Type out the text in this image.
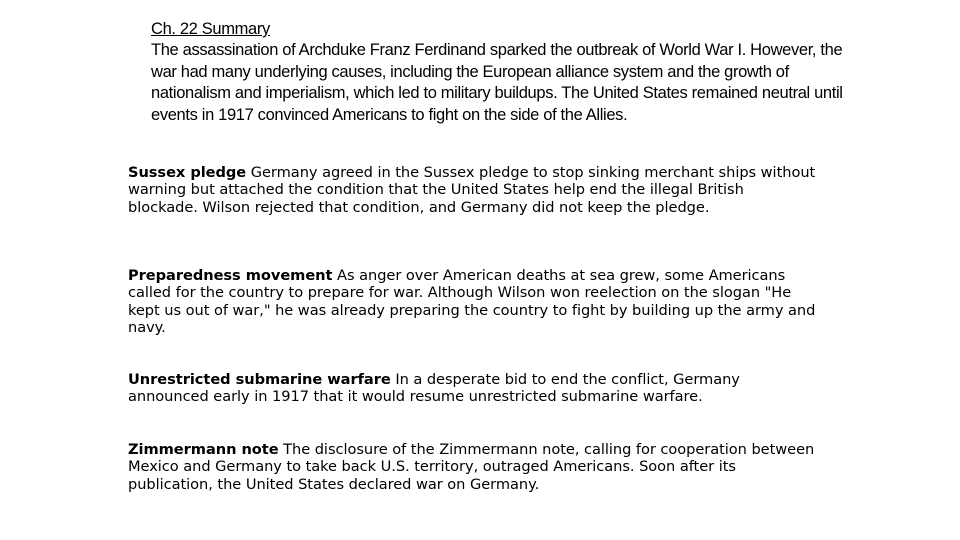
Ch. 22 Summary

The assassination of Archduke Franz Ferdinand sparked the outbreak of World War I. However, the war had many underlying causes, including the European alliance system and the growth of nationalism and imperialism, which led to military buildups. The United States remained neutral until events in 1917 convinced Americans to fight on the side of the Allies.

Sussex pledge Germany agreed in the Sussex pledge to stop sinking merchant ships without warning but attached the condition that the United States help end the illegal British blockade. Wilson rejected that condition, and Germany did not keep the pledge.
Preparedness movement As anger over American deaths at sea grew, some Americans called for the country to prepare for war. Although Wilson won reelection on the slogan "He kept us out of war," he was already preparing the country to fight by building up the army and navy.
Unrestricted submarine warfare In a desperate bid to end the conflict, Germany announced early in 1917 that it would resume unrestricted submarine warfare.
Zimmermann note The disclosure of the Zimmermann note, calling for cooperation between Mexico and Germany to take back U.S. territory, outraged Americans. Soon after its publication, the United States declared war on Germany.
